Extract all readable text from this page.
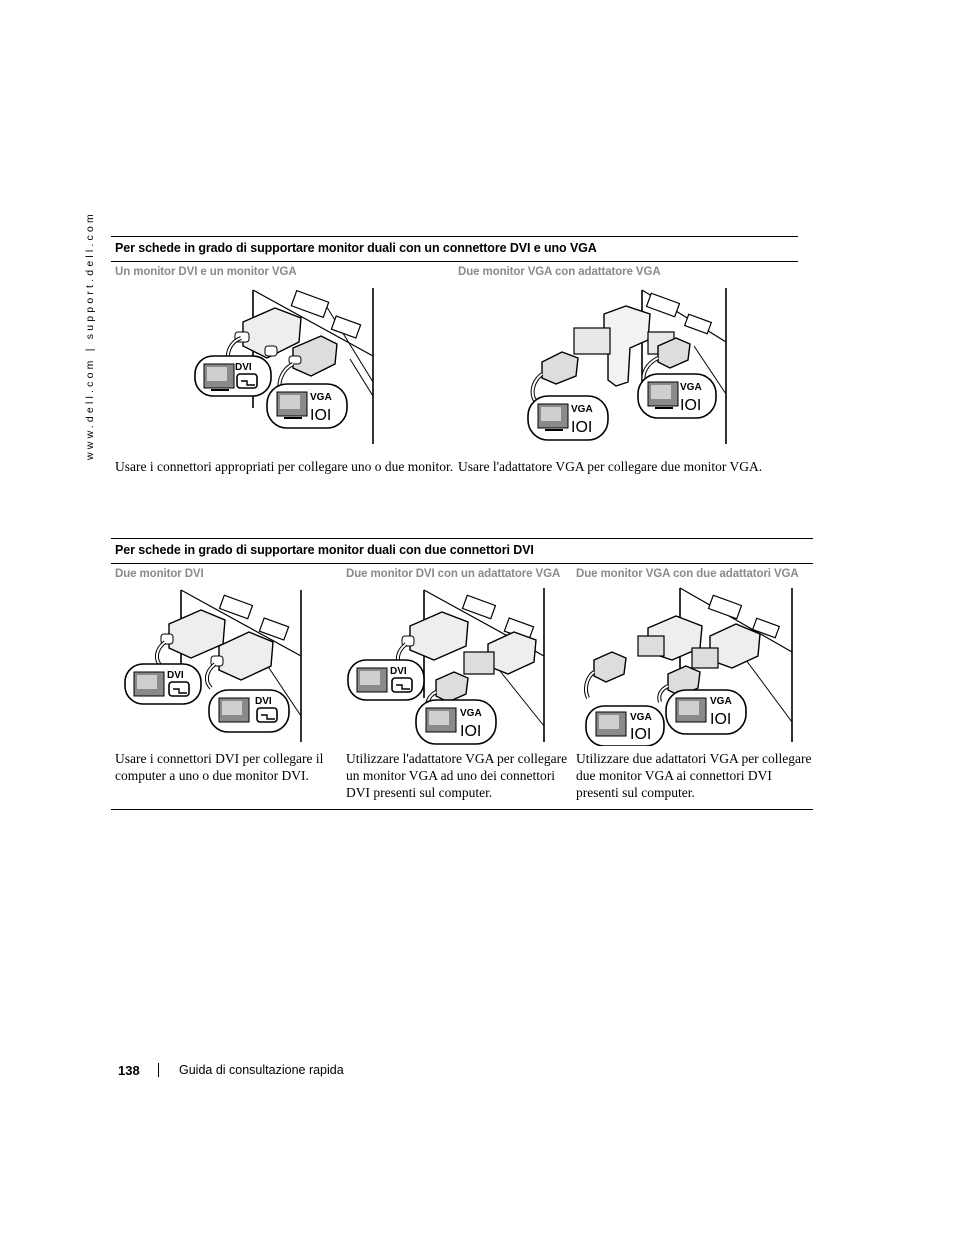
www.dell.com | support.dell.com	Per schede in grado di supportare monitor duali con un connettore DVI e uno VGA
Un monitor DVI e un monitor VGA
DVI
VGA
IOI
Usare i connettori appropriati per collegare uno o due monitor.
Due monitor VGA con adattatore VGA
VGA
IOI
VGA
IOI
Usare l'adattatore VGA per collegare due monitor VGA.
Per schede in grado di supportare monitor duali con due connettori DVI
Due monitor DVI
DVI
DVI
Usare i connettori DVI per collegare il computer a uno o due monitor DVI.
Due monitor DVI con un adattatore VGA
DVI
VGA
IOI
Utilizzare l'adattatore VGA per collegare un monitor VGA ad uno dei connettori DVI presenti sul computer.
Due monitor VGA con due adattatori VGA
VGA
IOI
VGA
IOI
Utilizzare due adattatori VGA per collegare due monitor VGA ai connettori DVI presenti sul computer.
138	Guida di consultazione rapida
